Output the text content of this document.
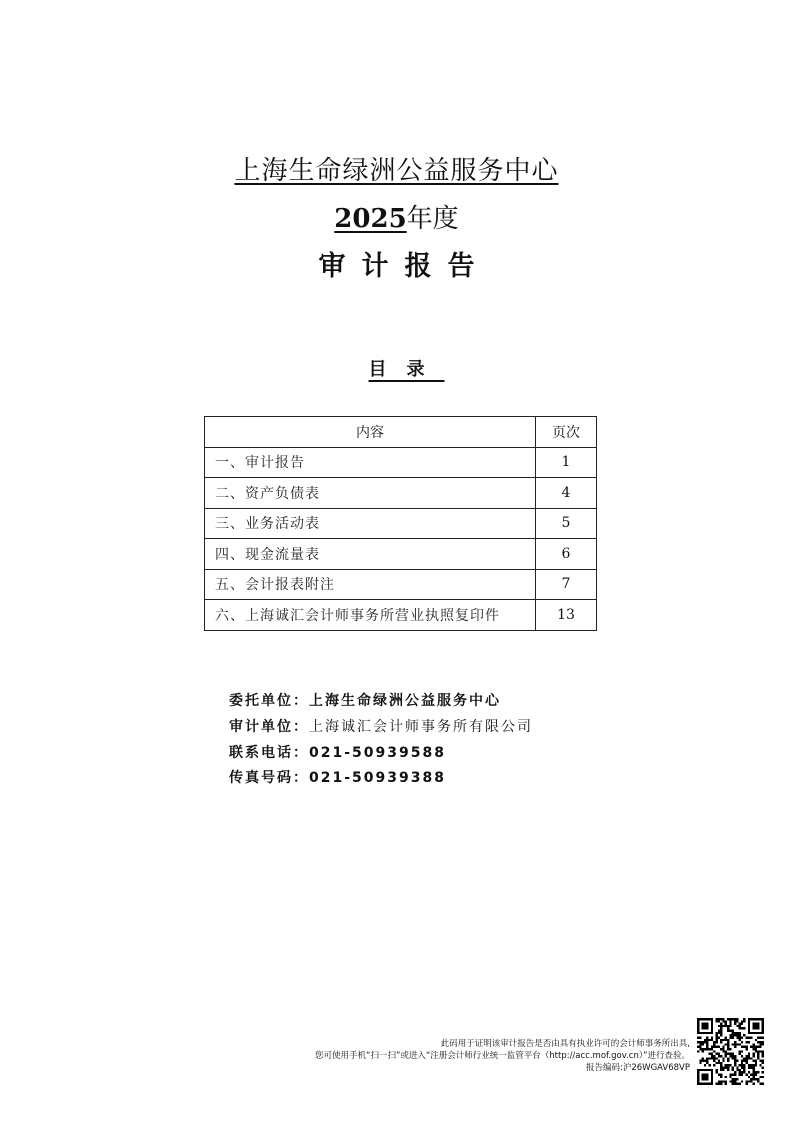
上海生命绿洲公益服务中心
2025年度
审计报告
目录
内容	页次
一、审计报告	1
二、资产负债表	4
三、业务活动表	5
四、现金流量表	6
五、会计报表附注	7
六、上海诚汇会计师事务所营业执照复印件	13
委托单位：上海生命绿洲公益服务中心
审计单位：上海诚汇会计师事务所有限公司
联系电话：021-50939588
传真号码：021-50939388
此码用于证明该审计报告是否由具有执业许可的会计师事务所出具,
您可使用手机“扫一扫”或进入“注册会计师行业统一监管平台（http://acc.mof.gov.cn）”进行查验。
报告编码:沪26WGAV68VP
